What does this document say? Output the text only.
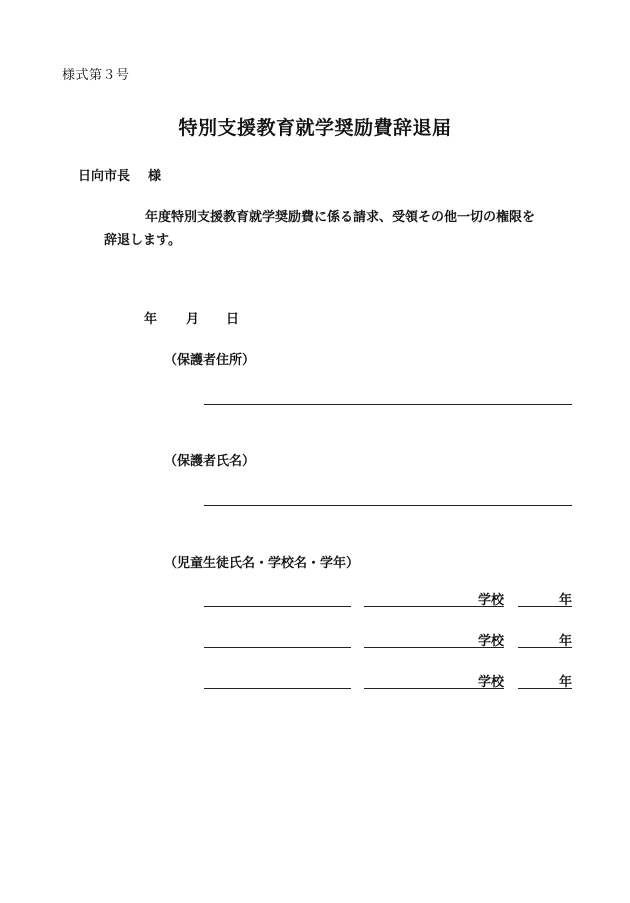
様式第３号
特別支援教育就学奨励費辞退届
日向市長 様
年度特別支援教育就学奨励費に係る請求、受領その他一切の権限を
辞退します。
年 月 日
（保護者住所）
（保護者氏名）
（児童生徒氏名・学校名・学年）
学校	年
学校	年
学校	年
